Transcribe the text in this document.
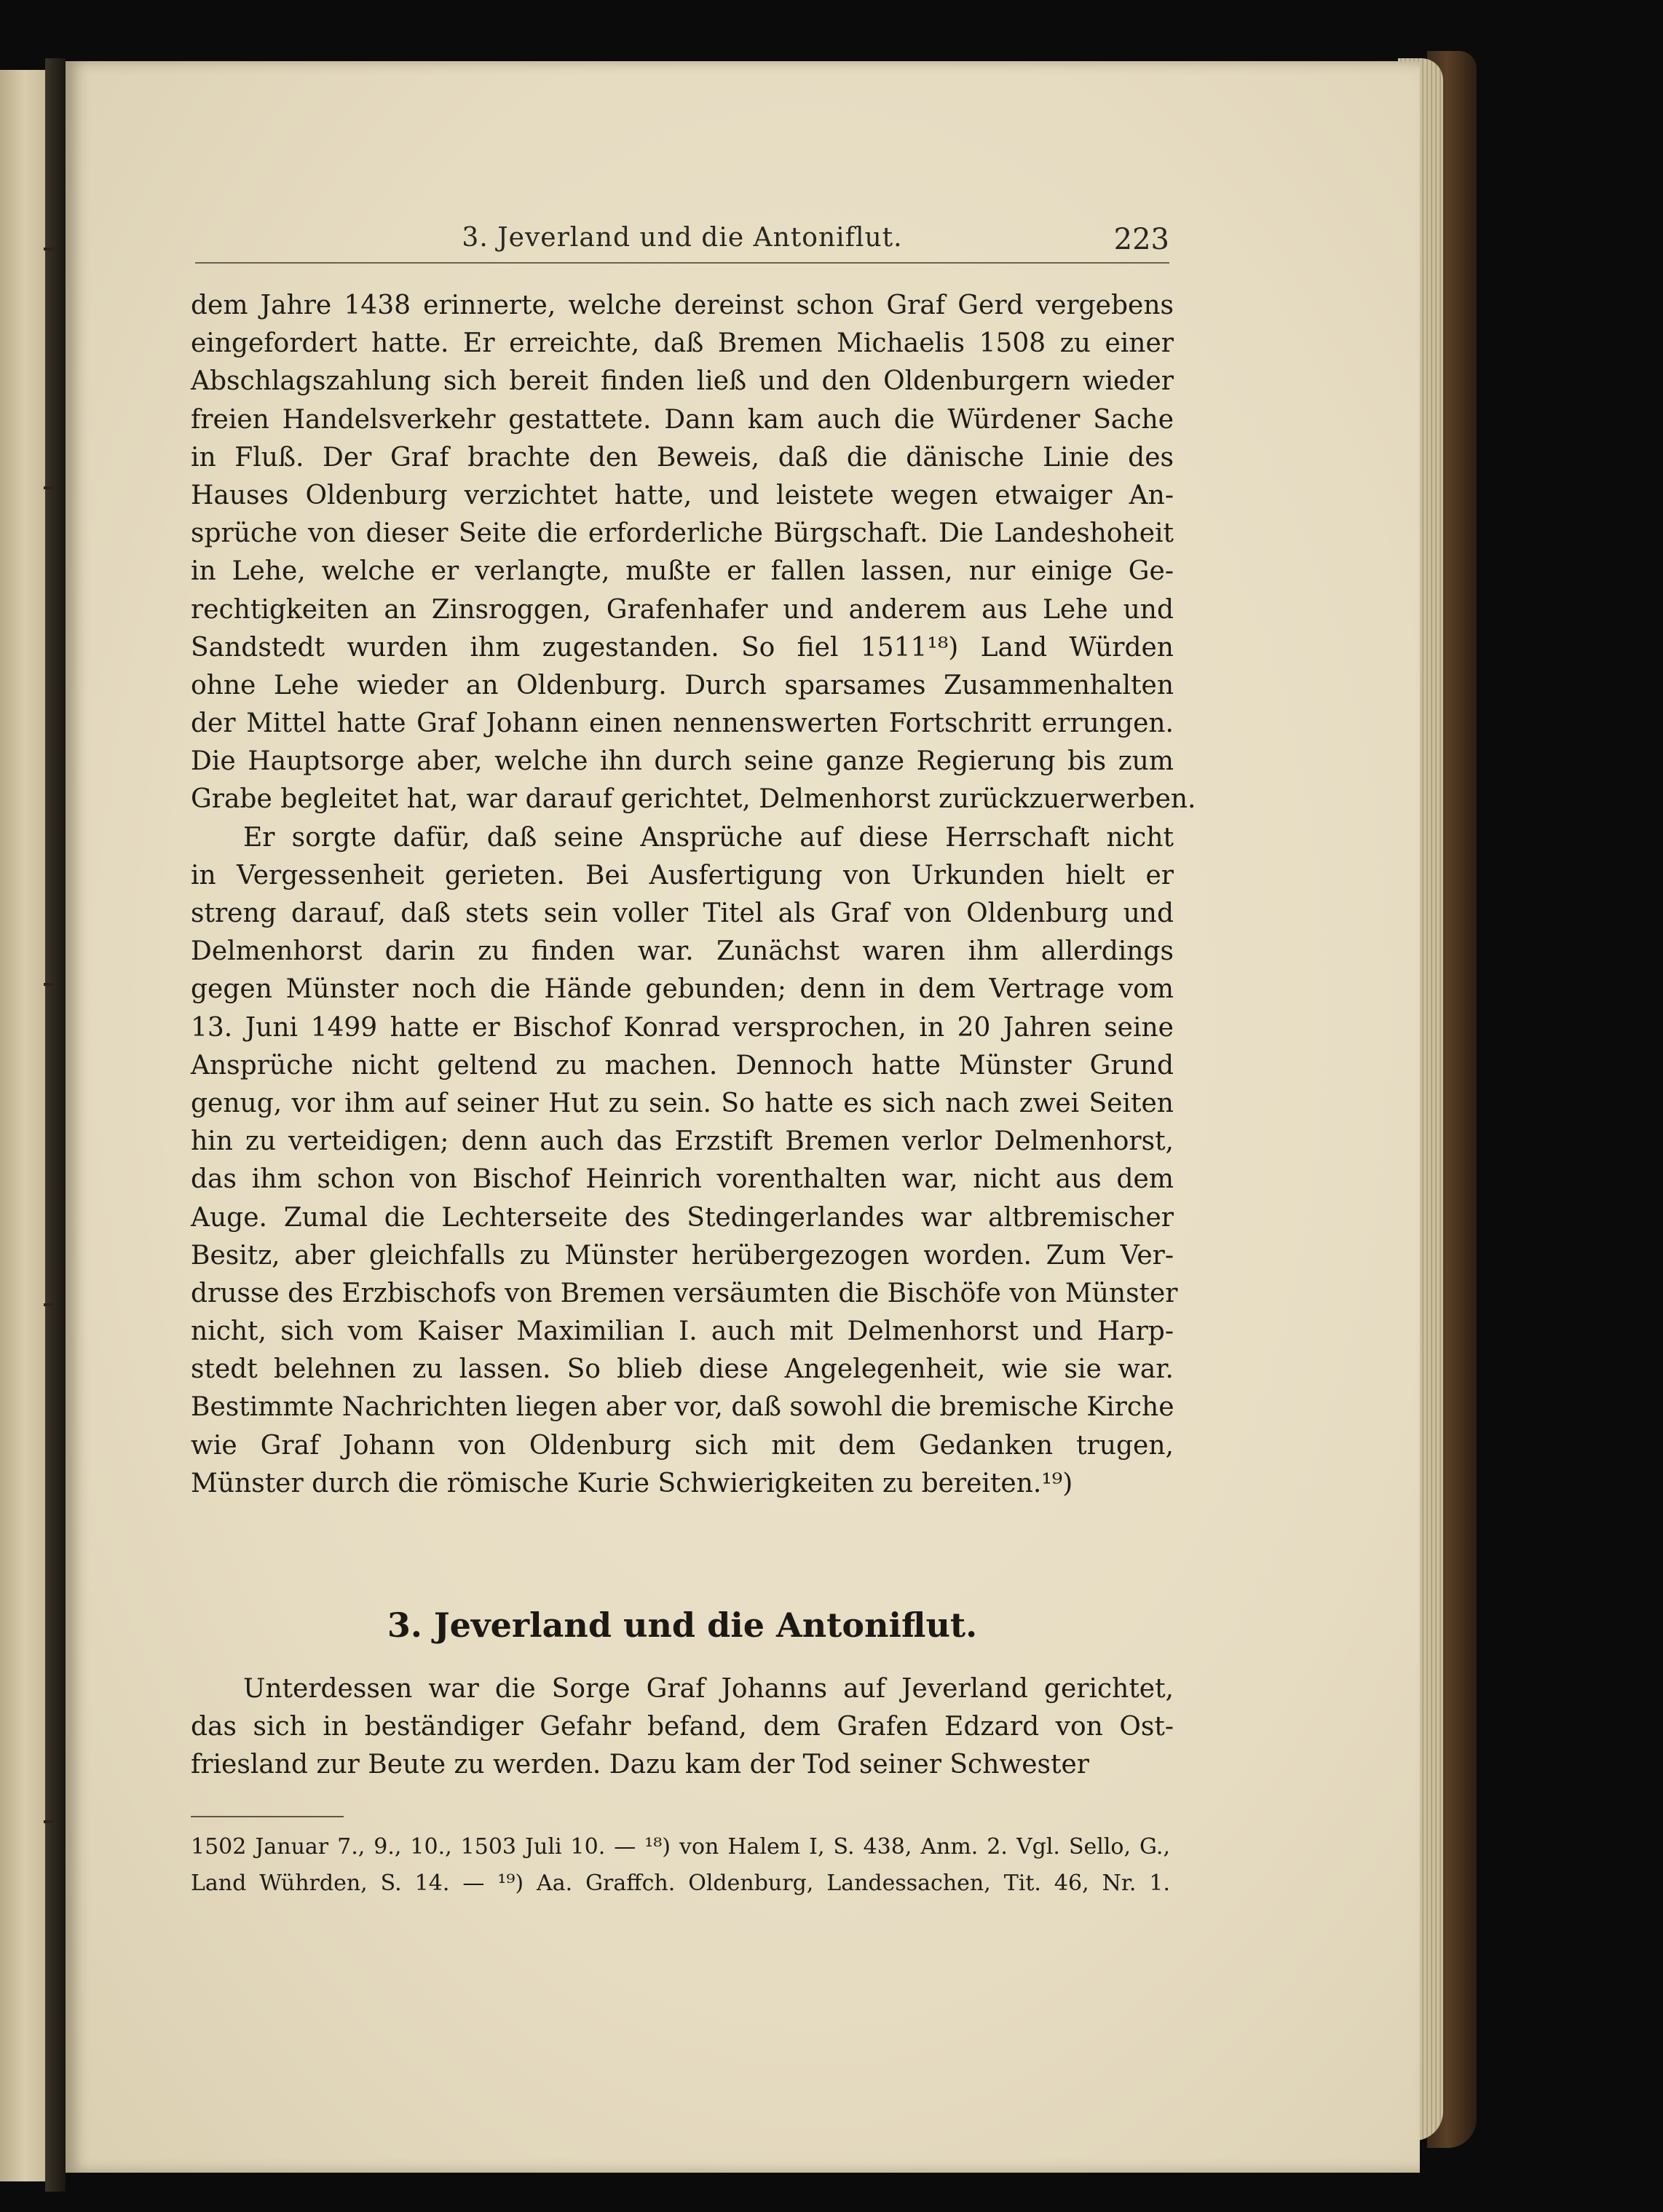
3. Jeverland und die Antoniflut.	223
dem Jahre 1438 erinnerte, welche dereinst schon Graf Gerd vergebens
eingefordert hatte. Er erreichte, daß Bremen Michaelis 1508 zu einer
Abschlagszahlung sich bereit finden ließ und den Oldenburgern wieder
freien Handelsverkehr gestattete. Dann kam auch die Würdener Sache
in Fluß. Der Graf brachte den Beweis, daß die dänische Linie des
Hauses Oldenburg verzichtet hatte, und leistete wegen etwaiger An-
sprüche von dieser Seite die erforderliche Bürgschaft. Die Landeshoheit
in Lehe, welche er verlangte, mußte er fallen lassen, nur einige Ge-
rechtigkeiten an Zinsroggen, Grafenhafer und anderem aus Lehe und
Sandstedt wurden ihm zugestanden. So fiel 1511¹⁸) Land Würden
ohne Lehe wieder an Oldenburg. Durch sparsames Zusammenhalten
der Mittel hatte Graf Johann einen nennenswerten Fortschritt errungen.
Die Hauptsorge aber, welche ihn durch seine ganze Regierung bis zum
Grabe begleitet hat, war darauf gerichtet, Delmenhorst zurückzuerwerben.
Er sorgte dafür, daß seine Ansprüche auf diese Herrschaft nicht
in Vergessenheit gerieten. Bei Ausfertigung von Urkunden hielt er
streng darauf, daß stets sein voller Titel als Graf von Oldenburg und
Delmenhorst darin zu finden war. Zunächst waren ihm allerdings
gegen Münster noch die Hände gebunden; denn in dem Vertrage vom
13. Juni 1499 hatte er Bischof Konrad versprochen, in 20 Jahren seine
Ansprüche nicht geltend zu machen. Dennoch hatte Münster Grund
genug, vor ihm auf seiner Hut zu sein. So hatte es sich nach zwei Seiten
hin zu verteidigen; denn auch das Erzstift Bremen verlor Delmenhorst,
das ihm schon von Bischof Heinrich vorenthalten war, nicht aus dem
Auge. Zumal die Lechterseite des Stedingerlandes war altbremischer
Besitz, aber gleichfalls zu Münster herübergezogen worden. Zum Ver-
drusse des Erzbischofs von Bremen versäumten die Bischöfe von Münster
nicht, sich vom Kaiser Maximilian I. auch mit Delmenhorst und Harp-
stedt belehnen zu lassen. So blieb diese Angelegenheit, wie sie war.
Bestimmte Nachrichten liegen aber vor, daß sowohl die bremische Kirche
wie Graf Johann von Oldenburg sich mit dem Gedanken trugen,
Münster durch die römische Kurie Schwierigkeiten zu bereiten.¹⁹)
3. Jeverland und die Antoniflut.
Unterdessen war die Sorge Graf Johanns auf Jeverland gerichtet,
das sich in beständiger Gefahr befand, dem Grafen Edzard von Ost-
friesland zur Beute zu werden. Dazu kam der Tod seiner Schwester
1502 Januar 7., 9., 10., 1503 Juli 10. — ¹⁸) von Halem I, S. 438, Anm. 2. Vgl. Sello, G.,
Land Wührden, S. 14. — ¹⁹) Aa. Graffch. Oldenburg, Landessachen, Tit. 46, Nr. 1.
